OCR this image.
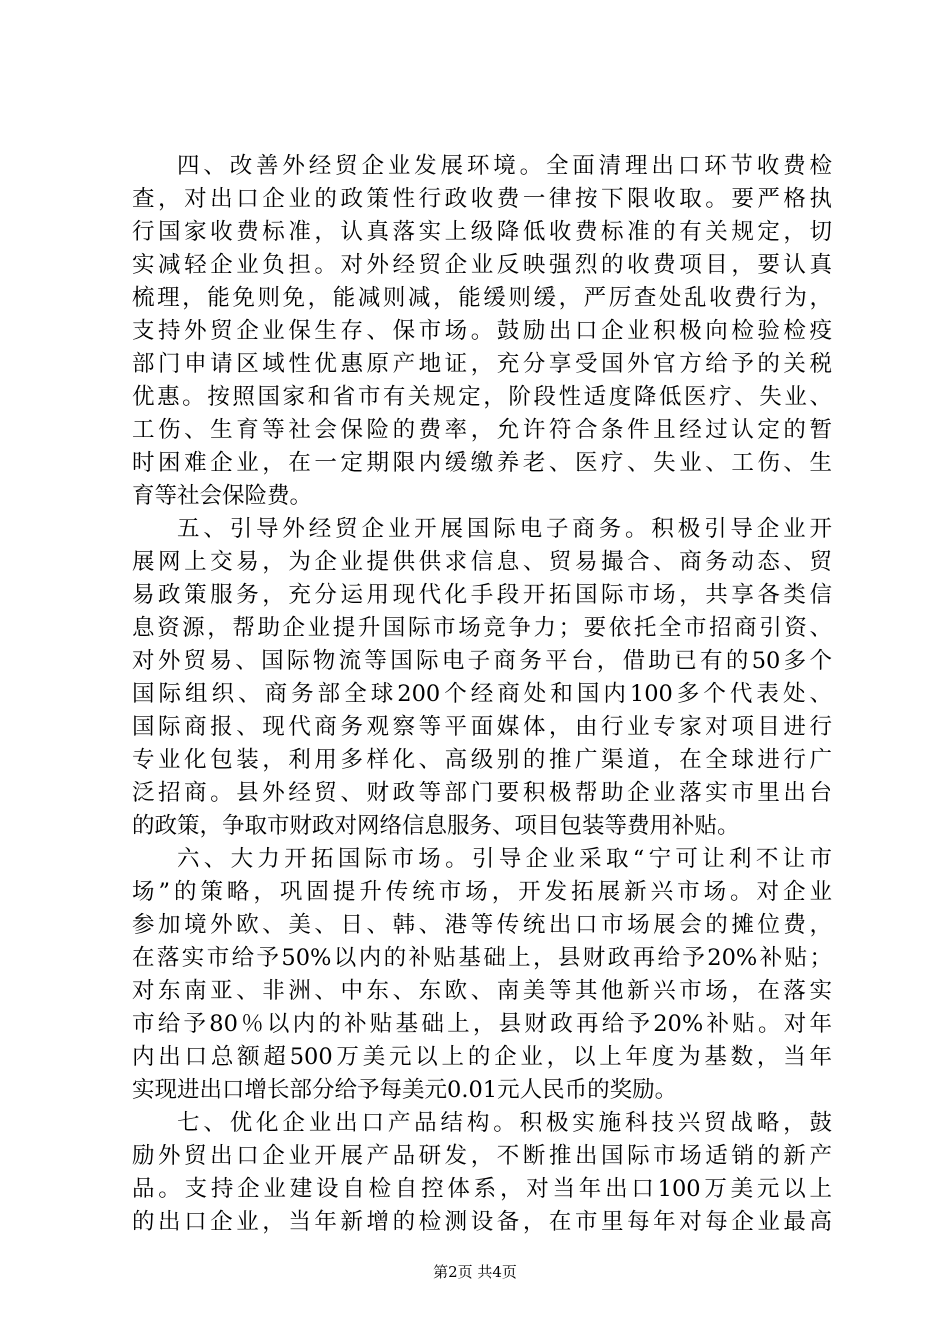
四、改善外经贸企业发展环境。全面清理出口环节收费检
查，对出口企业的政策性行政收费一律按下限收取。要严格执
行国家收费标准，认真落实上级降低收费标准的有关规定，切
实减轻企业负担。对外经贸企业反映强烈的收费项目，要认真
梳理，能免则免，能减则减，能缓则缓，严厉查处乱收费行为，
支持外贸企业保生存、保市场。鼓励出口企业积极向检验检疫
部门申请区域性优惠原产地证，充分享受国外官方给予的关税
优惠。按照国家和省市有关规定，阶段性适度降低医疗、失业、
工伤、生育等社会保险的费率，允许符合条件且经过认定的暂
时困难企业，在一定期限内缓缴养老、医疗、失业、工伤、生
育等社会保险费。
五、引导外经贸企业开展国际电子商务。积极引导企业开
展网上交易，为企业提供供求信息、贸易撮合、商务动态、贸
易政策服务，充分运用现代化手段开拓国际市场，共享各类信
息资源，帮助企业提升国际市场竞争力；要依托全市招商引资、
对外贸易、国际物流等国际电子商务平台，借助已有的50多个
国际组织、商务部全球200个经商处和国内100多个代表处、
国际商报、现代商务观察等平面媒体，由行业专家对项目进行
专业化包装，利用多样化、高级别的推广渠道，在全球进行广
泛招商。县外经贸、财政等部门要积极帮助企业落实市里出台
的政策，争取市财政对网络信息服务、项目包装等费用补贴。
六、大力开拓国际市场。引导企业采取“宁可让利不让市
场”的策略，巩固提升传统市场，开发拓展新兴市场。对企业
参加境外欧、美、日、韩、港等传统出口市场展会的摊位费，
在落实市给予50%以内的补贴基础上，县财政再给予20%补贴；
对东南亚、非洲、中东、东欧、南美等其他新兴市场，在落实
市给予80％以内的补贴基础上，县财政再给予20%补贴。对年
内出口总额超500万美元以上的企业，以上年度为基数，当年
实现进出口增长部分给予每美元0.01元人民币的奖励。
七、优化企业出口产品结构。积极实施科技兴贸战略，鼓
励外贸出口企业开展产品研发，不断推出国际市场适销的新产
品。支持企业建设自检自控体系，对当年出口100万美元以上
的出口企业，当年新增的检测设备，在市里每年对每企业最高
第2页 共4页
